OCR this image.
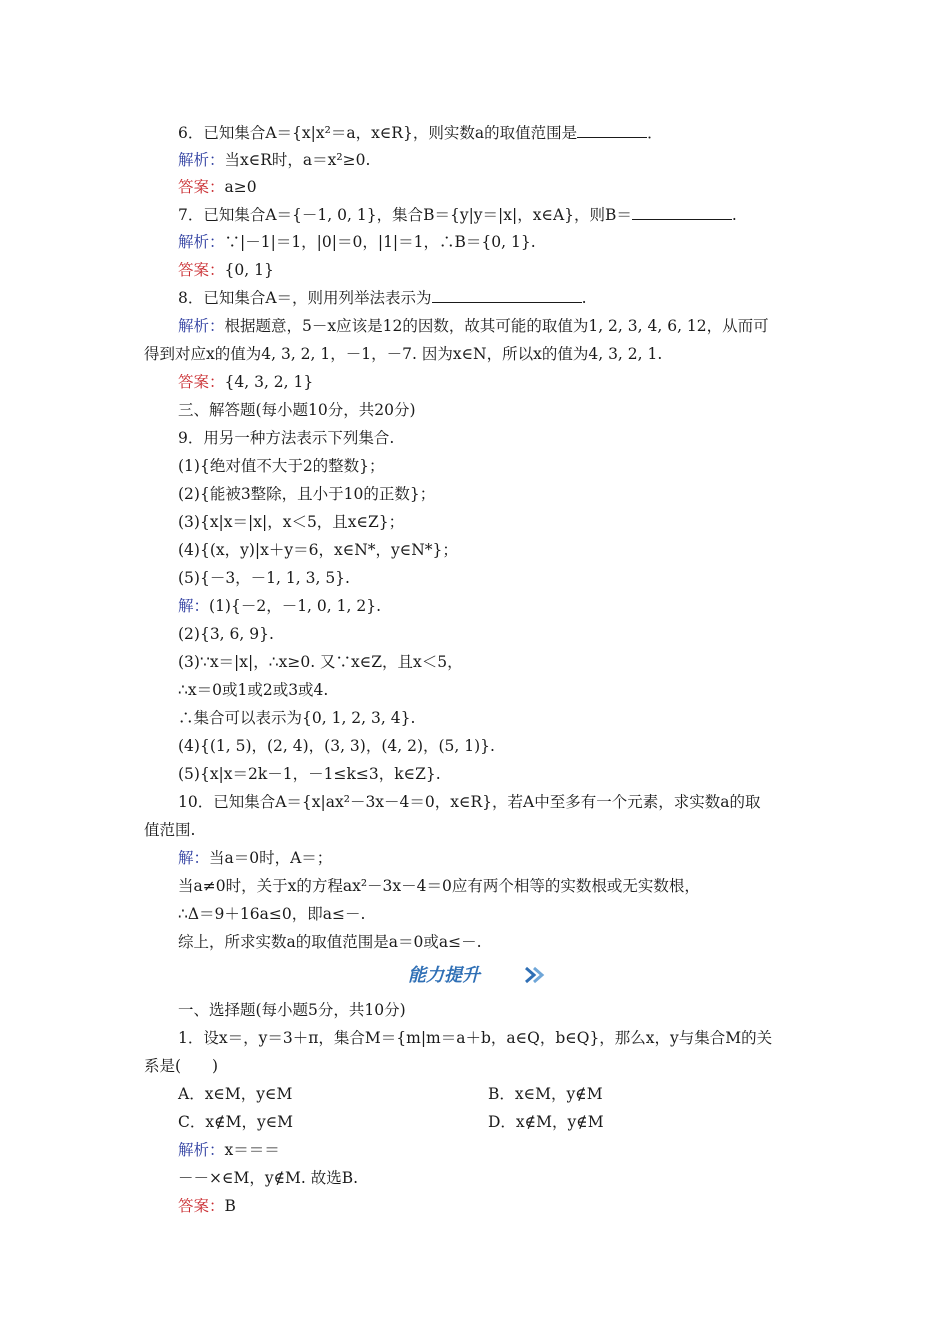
6．已知集合A＝{x|x²＝a，x∈R}，则实数a的取值范围是	．
解析：当x∈R时，a＝x²≥0.
答案：a≥0
7．已知集合A＝{－1, 0, 1}，集合B＝{y|y＝|x|，x∈A}，则B＝	.
解析：∵|－1|＝1，|0|＝0，|1|＝1，∴B＝{0, 1}.
答案：{0, 1}
8．已知集合A＝，则用列举法表示为	.
解析：根据题意，5－x应该是12的因数，故其可能的取值为1, 2, 3, 4, 6, 12，从而可
得到对应x的值为4, 3, 2, 1，－1，－7. 因为x∈N，所以x的值为4, 3, 2, 1.
答案：{4, 3, 2, 1}
三、解答题(每小题10分，共20分)
9．用另一种方法表示下列集合.
(1){绝对值不大于2的整数}；
(2){能被3整除，且小于10的正数}；
(3){x|x＝|x|，x＜5，且x∈Z}；
(4){(x，y)|x＋y＝6，x∈N*，y∈N*}；
(5){－3，－1, 1, 3, 5}.
解：(1){－2，－1, 0, 1, 2}.
(2){3, 6, 9}.
(3)∵x＝|x|，∴x≥0. 又∵x∈Z，且x＜5，
∴x＝0或1或2或3或4.
∴集合可以表示为{0, 1, 2, 3, 4}.
(4){(1, 5)，(2, 4)，(3, 3)，(4, 2)，(5, 1)}.
(5){x|x＝2k－1，－1≤k≤3，k∈Z}.
10．已知集合A＝{x|ax²－3x－4＝0，x∈R}，若A中至多有一个元素，求实数a的取
值范围.
解：当a＝0时，A＝；
当a≠0时，关于x的方程ax²－3x－4＝0应有两个相等的实数根或无实数根，
∴Δ＝9＋16a≤0，即a≤－.
综上，所求实数a的取值范围是a＝0或a≤－.
一、选择题(每小题5分，共10分)
1．设x＝，y＝3＋π，集合M＝{m|m＝a＋b，a∈Q，b∈Q}，那么x，y与集合M的关
系是(　　)
解析：x＝＝＝
－－×∈M，y∉M. 故选B.
答案：B
A．x∈M，y∈M	B．x∈M，y∉M
C．x∉M，y∈M	D．x∉M，y∉M
能力提升
